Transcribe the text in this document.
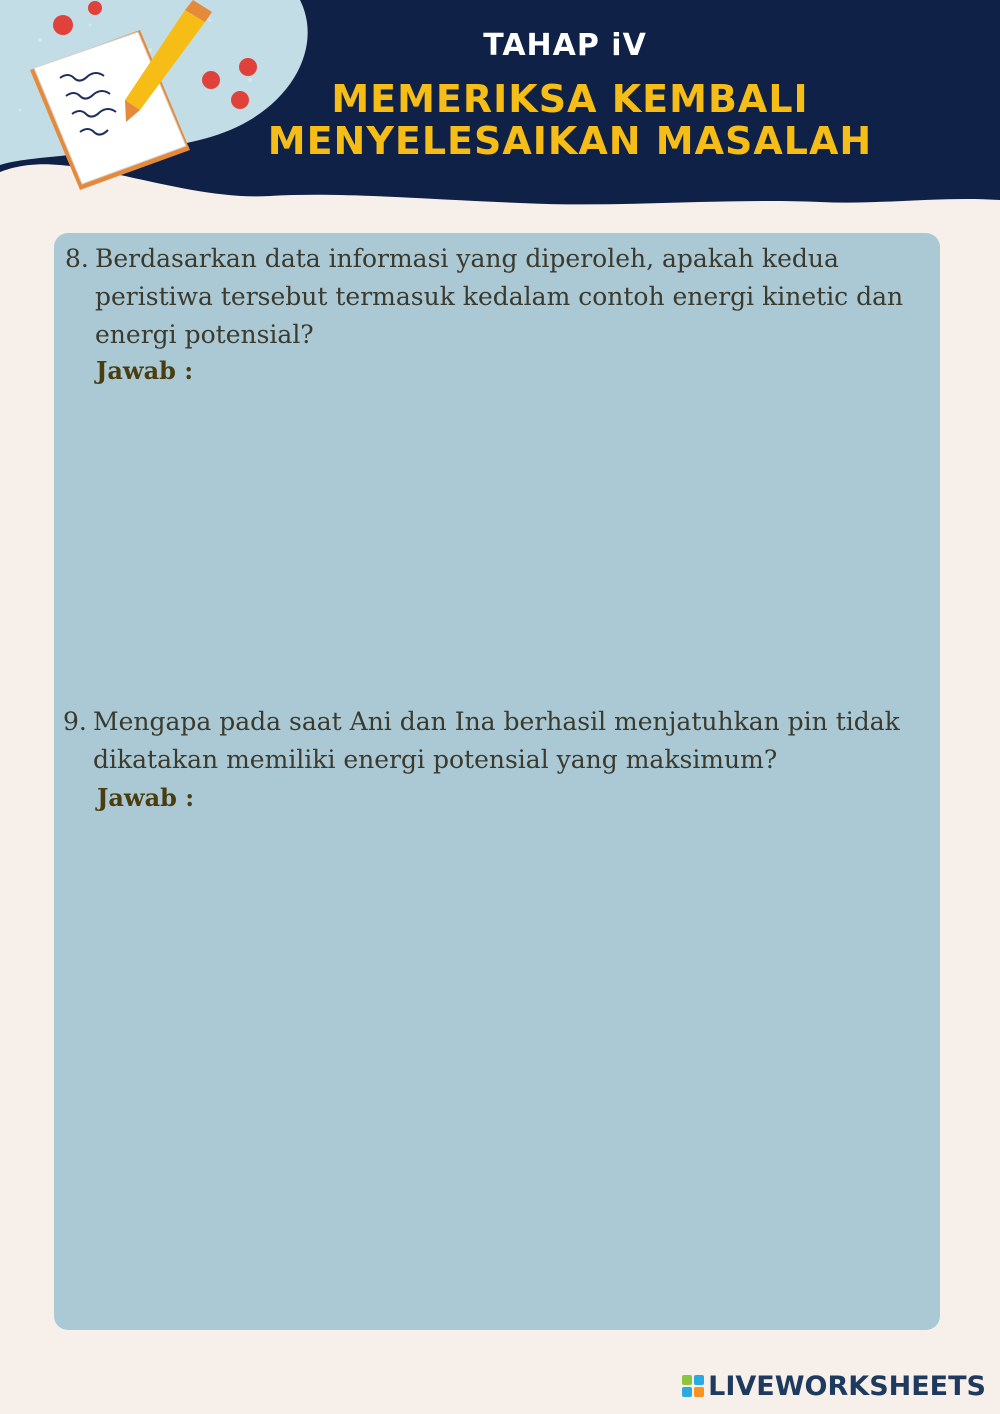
TAHAP iV
MEMERIKSA KEMBALI
MENYELESAIKAN MASALAH
8. Berdasarkan data informasi yang diperoleh, apakah kedua peristiwa tersebut termasuk kedalam contoh energi kinetic dan energi potensial?
Jawab :
9. Mengapa pada saat Ani dan Ina berhasil menjatuhkan pin tidak dikatakan memiliki energi potensial yang maksimum?
Jawab :
LIVEWORKSHEETS
